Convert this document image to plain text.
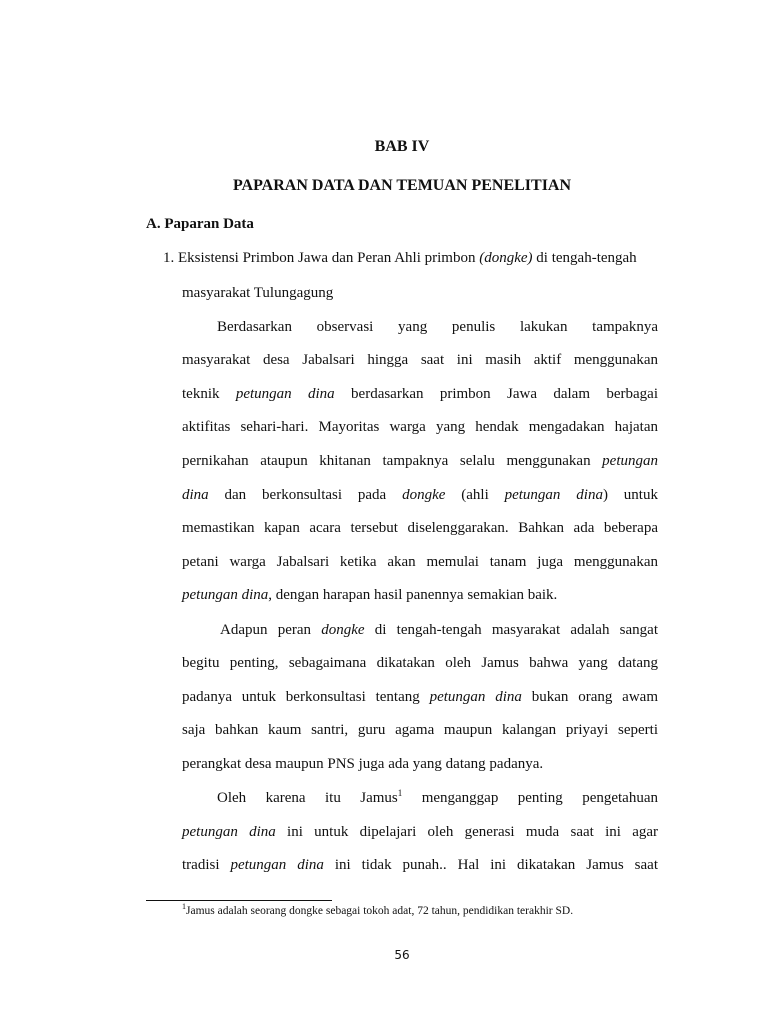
BAB IV
PAPARAN DATA DAN TEMUAN PENELITIAN
A. Paparan Data
1. Eksistensi Primbon Jawa dan Peran Ahli primbon (dongke) di tengah-tengah
masyarakat Tulungagung
Berdasarkan observasi yang penulis lakukan tampaknya
masyarakat desa Jabalsari hingga saat ini masih aktif menggunakan
teknik petungan dina berdasarkan primbon Jawa dalam berbagai
aktifitas sehari-hari. Mayoritas warga yang hendak mengadakan hajatan
pernikahan ataupun khitanan tampaknya selalu menggunakan petungan
dina dan berkonsultasi pada dongke (ahli petungan dina) untuk
memastikan kapan acara tersebut diselenggarakan. Bahkan ada beberapa
petani warga Jabalsari ketika akan memulai tanam juga menggunakan
petungan dina, dengan harapan hasil panennya semakian baik.
Adapun peran dongke di tengah-tengah masyarakat adalah sangat
begitu penting, sebagaimana dikatakan oleh Jamus bahwa yang datang
padanya untuk berkonsultasi tentang petungan dina bukan orang awam
saja bahkan kaum santri, guru agama maupun kalangan priyayi seperti
perangkat desa maupun PNS juga ada yang datang padanya.
Oleh karena itu Jamus$^1$ menganggap penting pengetahuan
petungan dina ini untuk dipelajari oleh generasi muda saat ini agar
tradisi petungan dina ini tidak punah.. Hal ini dikatakan Jamus saat
$^1$Jamus adalah seorang dongke sebagai tokoh adat, 72 tahun, pendidikan terakhir SD.
56
